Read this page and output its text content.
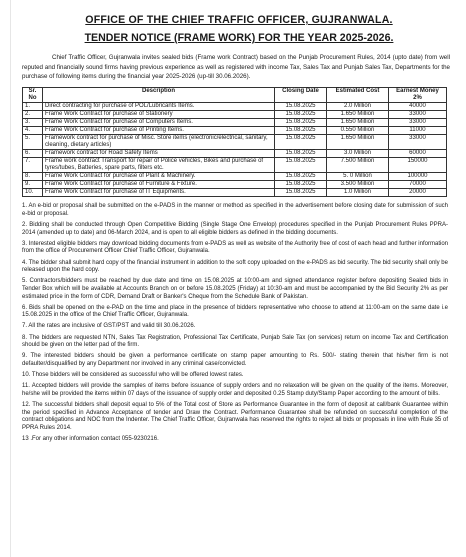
OFFICE OF THE CHIEF TRAFFIC OFFICER, GUJRANWALA.
TENDER NOTICE (FRAME WORK) FOR THE YEAR 2025-2026.
Chief Traffic Officer, Gujranwala invites sealed bids (Frame work Contract) based on the Punjab Procurement Rules, 2014 (upto date) from well reputed and financially sound firms having previous experience as well as registered with income Tax, Sales Tax and Punjab Sales Tax, Departments for the purchase of following items during the financial year 2025-2026 (up-till 30.06.2026).
Sr. No	Description	Closing Date	Estimated Cost	Earnest Money 2%
1.	Direct contracting for purchase of POL/Lubricants Items.	15.08.2025	2.0 Million	40000
2.	Frame Work Contract for purchase of Stationery	15.08.2025	1.650 Million	33000
3.	Frame Work Contract for purchase of Computers Items.	15.08.2025	1.650 Million	33000
4.	Frame Work Contract for purchase of Printing Items.	15.08.2025	0.550 Million	11000
5.	Framework contract for purchase of Misc. Store items (electronic/electrical, sanitary, cleaning, dietary articles)	15.08.2025	1.650 Million	33000
6.	Framework contract for Road Safety Items	15.08.2025	3.0 Million	60000
7.	Frame work contract Transport for repair of Police vehicles, Bikes and purchase of tyres/tubes, Batteries, spare parts, filters etc.	15.08.2025	7.500 Million	150000
8.	Frame Work Contract for purchase of Plant & Machinery.	15.08.2025	5. 0 Million	100000
9.	Frame Work Contract for purchase of Furniture & Fixture.	15.08.2025	3.500 Million	70000
10.	Frame Work Contract for purchase of IT Equipments.	15.08.2025	1.0 Million	20000

1. An e-bid or proposal shall be submitted on the e-PADS in the manner or method as specified in the advertisement before closing date for submission of such e-bid or proposal.

2. Bidding shall be conducted through Open Competitive Bidding (Single Stage One Envelop) procedures specified in the Punjab Procurement Rules PPRA-2014 (amended up to date) and 06-March 2024, and is open to all eligible bidders as defined in the bidding documents.

3. Interested eligible bidders may download bidding documents from e-PADS as well as website of the Authority free of cost of each head and further information from the office of Procurement Officer Chief Traffic Officer, Gujranwala.

4. The bidder shall submit hard copy of the financial instrument in addition to the soft copy uploaded on the e-PADS as bid security. The bid security shall only be released upon the hard copy.

5. Contractors/bidders must be reached by due date and time on 15.08.2025 at 10:00-am and signed attendance register before depositing Sealed bids in Tender Box which will be available at Accounts Branch on or before 15.08.2025 (Friday) at 10:30-am and must be accompanied by the Bid Security 2% as per estimated price in the form of CDR, Demand Draft or Banker's Cheque from the Schedule Bank of Pakistan.

6. Bids shall be opened on the e-PAD on the time and place in the presence of bidders representative who choose to attend at 11:00-am on the same date i.e 15.08.2025 in the office of the Chief Traffic Officer, Gujranwala.

7. All the rates are inclusive of GST/PST and valid till 30.06.2026.

8. The bidders are requested NTN, Sales Tax Registration, Professional Tax Certificate, Punjab Sale Tax (on services) return on income Tax and Certification should be given on the letter pad of the firm.

9. The interested bidders should be given a performance certificate on stamp paper amounting to Rs. 500/- stating therein that his/her firm is not defaulter/disqualified by any Department nor involved in any criminal case/convicted.

10. Those bidders will be considered as successful who will be offered lowest rates.

11. Accepted bidders will provide the samples of items before issuance of supply orders and no relaxation will be given on the quality of the items. Moreover, he/she will be provided the items within 07 days of the issuance of supply order and deposited 0.25 Stamp duty/Stamp Paper according to the amount of bills.

12. The successful bidders shall deposit equal to 5% of the Total cost of Store as Performance Guarantee in the form of deposit at call/bank Guarantee within the period specified in Advance Acceptance of tender and Draw the Contract. Performance Guarantee shall be refunded on successful completion of the contract obligations and NOC from the Indenter. The Chief Traffic Officer, Gujranwala has reserved the rights to reject all bids or proposals in line with Rule 35 of PPRA Rules 2014.

13 .For any other information contact 055-9230216.
